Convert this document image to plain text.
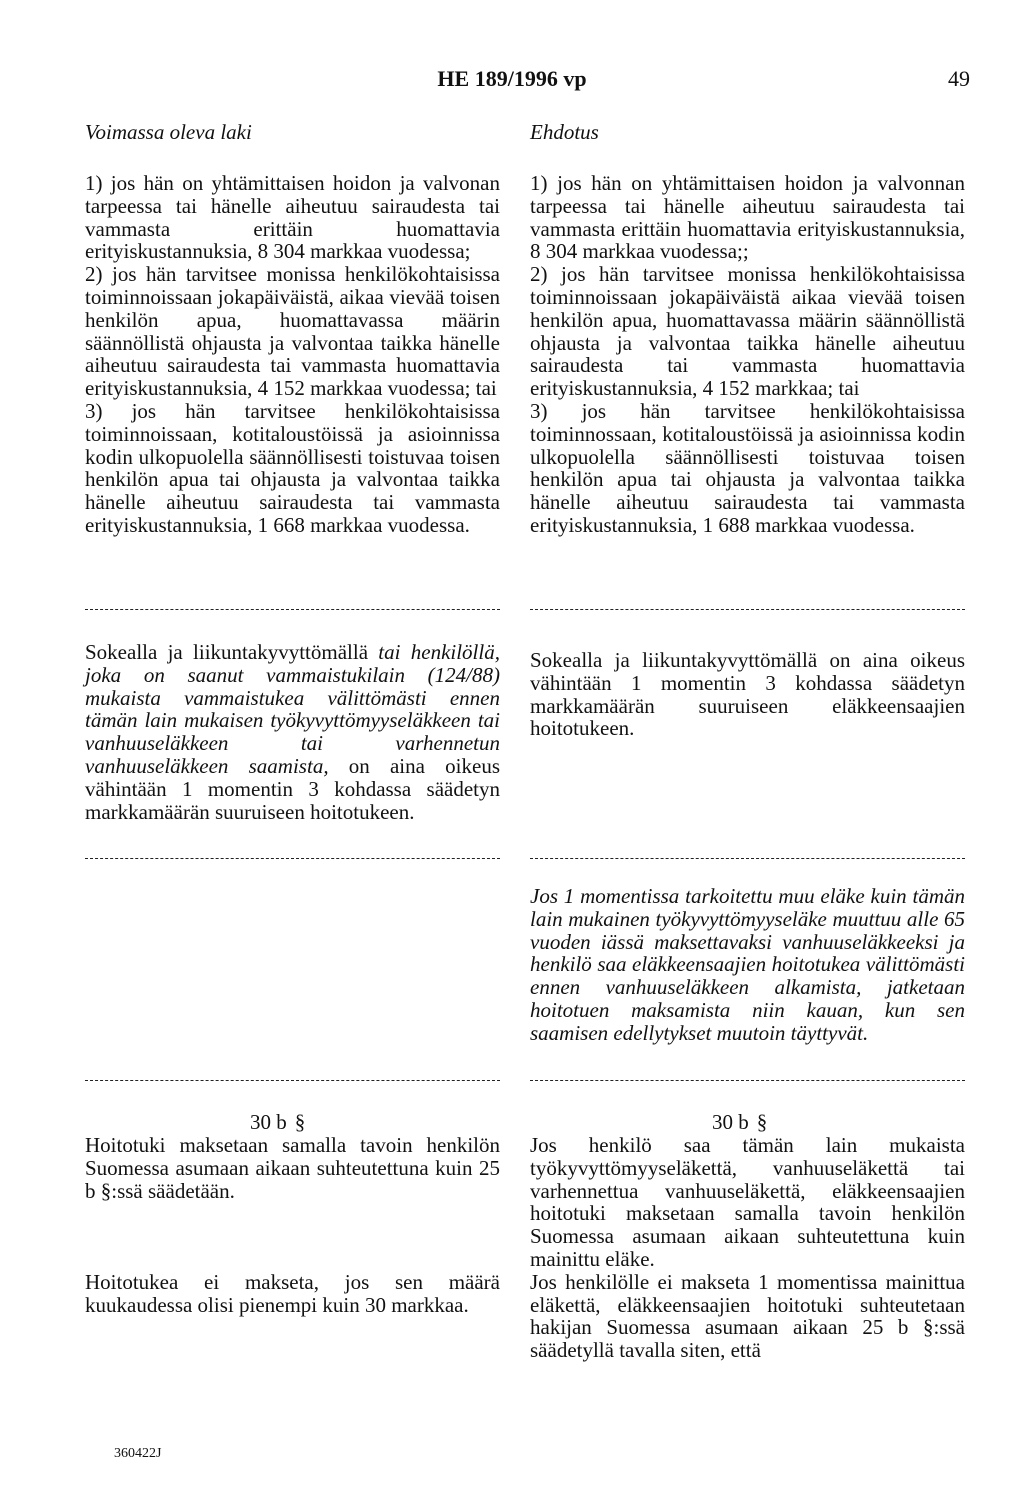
HE 189/1996 vp	49
Voimassa oleva laki	Ehdotus

1) jos hän on yhtämittaisen hoidon ja valvonan tarpeessa tai hänelle aiheutuu sairaudesta tai vammasta erittäin huomattavia erityiskustannuksia, 8 304 markkaa vuodessa;
2) jos hän tarvitsee monissa henkilökohtaisissa toiminnoissaan jokapäiväistä, aikaa vievää toisen henkilön apua, huomattavassa määrin säännöllistä ohjausta ja valvontaa taikka hänelle aiheutuu sairaudesta tai vammasta huomattavia erityiskustannuksia, 4 152 markkaa vuodessa; tai
3) jos hän tarvitsee henkilökohtaisissa toiminnoissaan, kotitaloustöissä ja asioinnissa kodin ulkopuolella säännöllisesti toistuvaa toisen henkilön apua tai ohjausta ja valvontaa taikka hänelle aiheutuu sairaudesta tai vammasta erityiskustannuksia, 1 668 markkaa vuodessa.

Sokealla ja liikuntakyvyttömällä tai henkilöllä, joka on saanut vammaistukilain (124/88) mukaista vammaistukea välittömästi ennen tämän lain mukaisen työkyvyttömyyseläkkeen tai vanhuuseläkkeen tai varhennetun vanhuuseläkkeen saamista, on aina oikeus vähintään 1 momentin 3 kohdassa säädetyn markkamäärän suuruiseen hoitotukeen.

30 b §

Hoitotuki maksetaan samalla tavoin henkilön Suomessa asumaan aikaan suhteutettuna kuin 25 b §:ssä säädetään.

Hoitotukea ei makseta, jos sen määrä kuukaudessa olisi pienempi kuin 30 markkaa.

1) jos hän on yhtämittaisen hoidon ja valvonnan tarpeessa tai hänelle aiheutuu sairaudesta tai vammasta erittäin huomattavia erityiskustannuksia, 8 304 markkaa vuodessa;;
2) jos hän tarvitsee monissa henkilökohtaisissa toiminnoissaan jokapäiväistä aikaa vievää toisen henkilön apua, huomattavassa määrin säännöllistä ohjausta ja valvontaa taikka hänelle aiheutuu sairaudesta tai vammasta huomattavia erityiskustannuksia, 4 152 markkaa; tai
3) jos hän tarvitsee henkilökohtaisissa toiminnossaan, kotitaloustöissä ja asioinnissa kodin ulkopuolella säännöllisesti toistuvaa toisen henkilön apua tai ohjausta ja valvontaa taikka hänelle aiheutuu sairaudesta tai vammasta erityiskustannuksia, 1 688 markkaa vuodessa.

Sokealla ja liikuntakyvyttömällä on aina oikeus vähintään 1 momentin 3 kohdassa säädetyn markkamäärän suuruiseen eläkkeensaajien hoitotukeen.

Jos 1 momentissa tarkoitettu muu eläke kuin tämän lain mukainen työkyvyttömyyseläke muuttuu alle 65 vuoden iässä maksettavaksi vanhuuseläkkeeksi ja henkilö saa eläkkeensaajien hoitotukea välittömästi ennen vanhuuseläkkeen alkamista, jatketaan hoitotuen maksamista niin kauan, kun sen saamisen edellytykset muutoin täyttyvät.

30 b §

Jos henkilö saa tämän lain mukaista työkyvyttömyyseläkettä, vanhuuseläkettä tai varhennettua vanhuuseläkettä, eläkkeensaajien hoitotuki maksetaan samalla tavoin henkilön Suomessa asumaan aikaan suhteutettuna kuin mainittu eläke.
Jos henkilölle ei makseta 1 momentissa mainittua eläkettä, eläkkeensaajien hoitotuki suhteutetaan hakijan Suomessa asumaan aikaan 25 b §:ssä säädetyllä tavalla siten, että

360422J
